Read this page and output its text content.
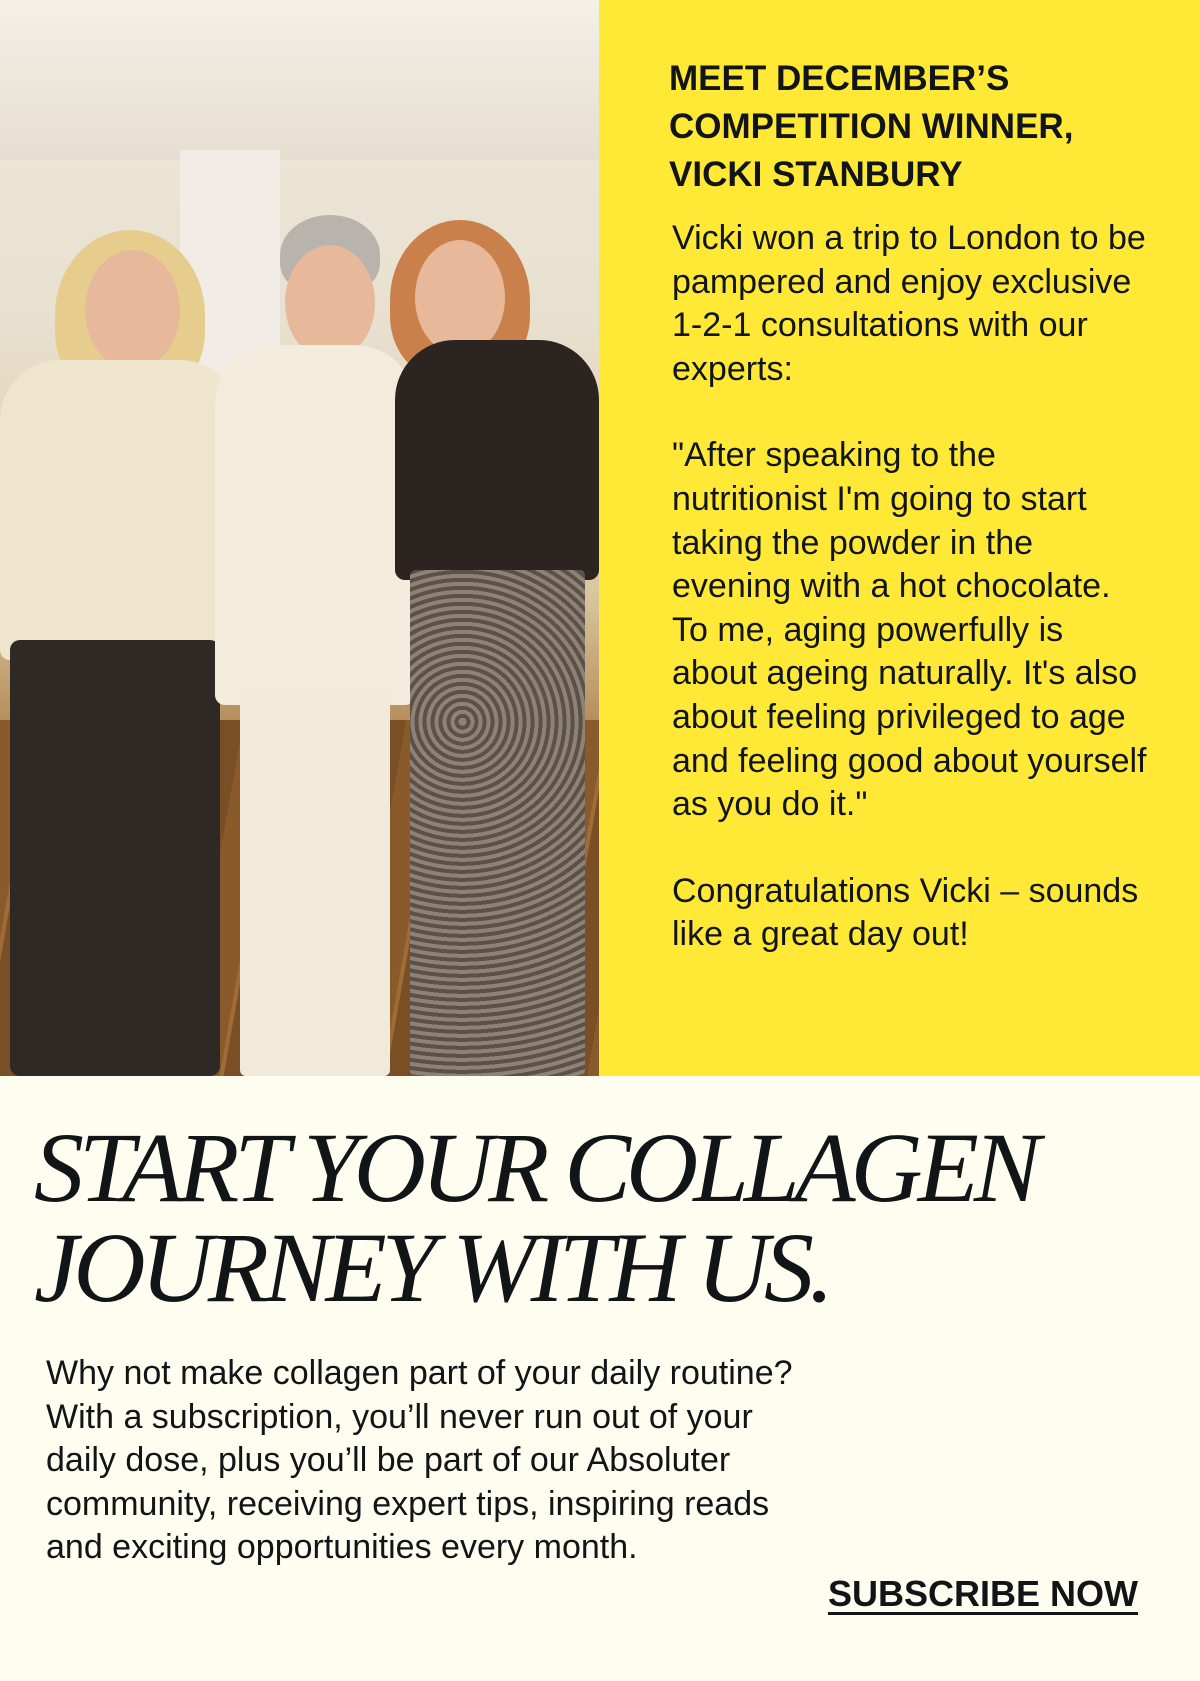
MEET DECEMBER’S COMPETITION WINNER, VICKI STANBURY

Vicki won a trip to London to be pampered and enjoy exclusive 1-2-1 consultations with our experts:

"After speaking to the nutritionist I'm going to start taking the powder in the evening with a hot chocolate. To me, aging powerfully is about ageing naturally. It's also about feeling privileged to age and feeling good about yourself as you do it."

Congratulations Vicki – sounds like a great day out!

START YOUR COLLAGEN
JOURNEY WITH US.

Why not make collagen part of your daily routine? With a subscription, you’ll never run out of your daily dose, plus you’ll be part of our Absoluter community, receiving expert tips, inspiring reads and exciting opportunities every month.

SUBSCRIBE NOW
